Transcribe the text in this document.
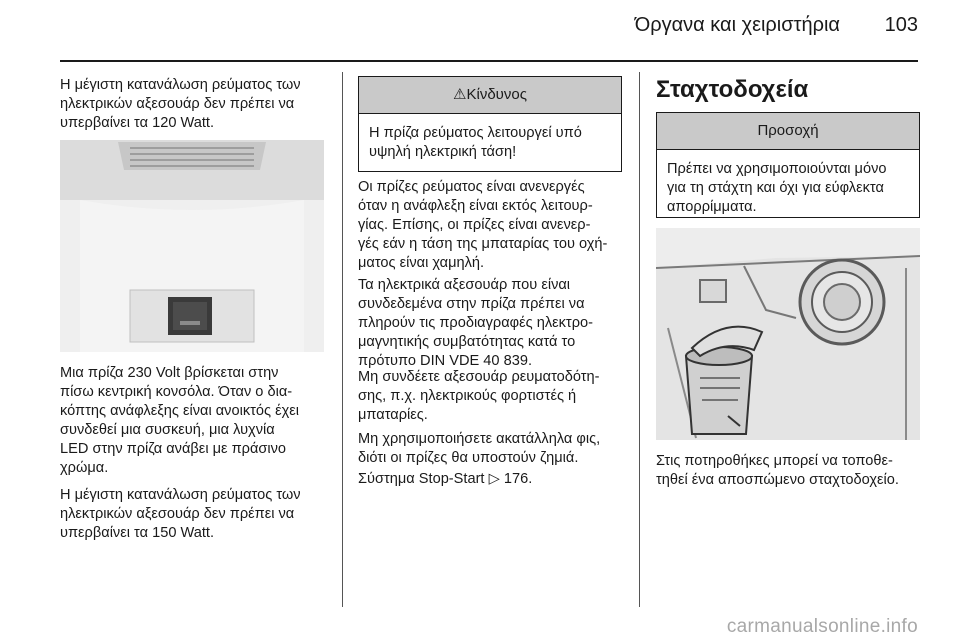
Όργανα και χειριστήρια 103
Η μέγιστη κατανάλωση ρεύματος των
ηλεκτρικών αξεσουάρ δεν πρέπει να
υπερβαίνει τα 120 Watt.
Μια πρίζα 230 Volt βρίσκεται στην
πίσω κεντρική κονσόλα. Όταν ο δια-
κόπτης ανάφλεξης είναι ανοικτός έχει
συνδεθεί μια συσκευή, μια λυχνία
LED στην πρίζα ανάβει με πράσινο
χρώμα.
Η μέγιστη κατανάλωση ρεύματος των
ηλεκτρικών αξεσουάρ δεν πρέπει να
υπερβαίνει τα 150 Watt.
⚠Κίνδυνος
Η πρίζα ρεύματος λειτουργεί υπό
υψηλή ηλεκτρική τάση!
Οι πρίζες ρεύματος είναι ανενεργές
όταν η ανάφλεξη είναι εκτός λειτουρ-
γίας. Επίσης, οι πρίζες είναι ανενερ-
γές εάν η τάση της μπαταρίας του οχή-
ματος είναι χαμηλή.
Τα ηλεκτρικά αξεσουάρ που είναι
συνδεδεμένα στην πρίζα πρέπει να
πληρούν τις προδιαγραφές ηλεκτρο-
μαγνητικής συμβατότητας κατά το
πρότυπο DIN VDE 40 839.
Μη συνδέετε αξεσουάρ ρευματοδότη-
σης, π.χ. ηλεκτρικούς φορτιστές ή
μπαταρίες.
Μη χρησιμοποιήσετε ακατάλληλα φις,
διότι οι πρίζες θα υποστούν ζημιά.
Σύστημα Stop-Start ▷ 176.
Σταχτοδοχεία
Προσοχή
Πρέπει να χρησιμοποιούνται μόνο
για τη στάχτη και όχι για εύφλεκτα
απορρίμματα.
Στις ποτηροθήκες μπορεί να τοποθε-
τηθεί ένα αποσπώμενο σταχτοδοχείο.
carmanualsonline.info
